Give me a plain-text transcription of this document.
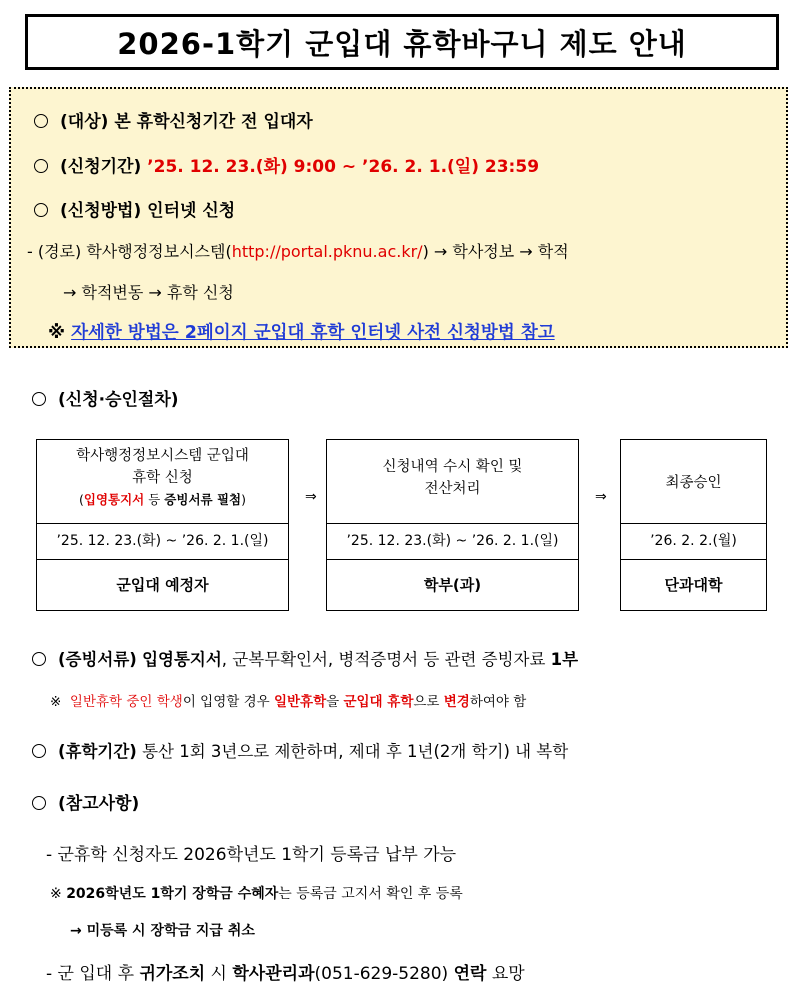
2026-1학기 군입대 휴학바구니 제도 안내
(대상) 본 휴학신청기간 전 입대자
(신청기간) ’25. 12. 23.(화) 9:00 ~ ’26. 2. 1.(일) 23:59
(신청방법) 인터넷 신청
- (경로) 학사행정정보시스템(http://portal.pknu.ac.kr/) → 학사정보 → 학적
→ 학적변동 → 휴학 신청
※ 자세한 방법은 2페이지 군입대 휴학 인터넷 사전 신청방법 참고
(신청·승인절차)
학사행정정보시스템 군입대
휴학 신청
(입영통지서 등 증빙서류 필첨)
’25. 12. 23.(화) ~ ’26. 2. 1.(일)
군입대 예정자
⇒
신청내역 수시 확인 및
전산처리
’25. 12. 23.(화) ~ ’26. 2. 1.(일)
학부(과)
⇒
최종승인
’26. 2. 2.(월)
단과대학
(증빙서류) 입영통지서, 군복무확인서, 병적증명서 등 관련 증빙자료 1부
※ 일반휴학 중인 학생이 입영할 경우 일반휴학을 군입대 휴학으로 변경하여야 함
(휴학기간) 통산 1회 3년으로 제한하며, 제대 후 1년(2개 학기) 내 복학
(참고사항)
- 군휴학 신청자도 2026학년도 1학기 등록금 납부 가능
※ 2026학년도 1학기 장학금 수혜자는 등록금 고지서 확인 후 등록
→ 미등록 시 장학금 지급 취소
- 군 입대 후 귀가조치 시 학사관리과(051-629-5280) 연락 요망
